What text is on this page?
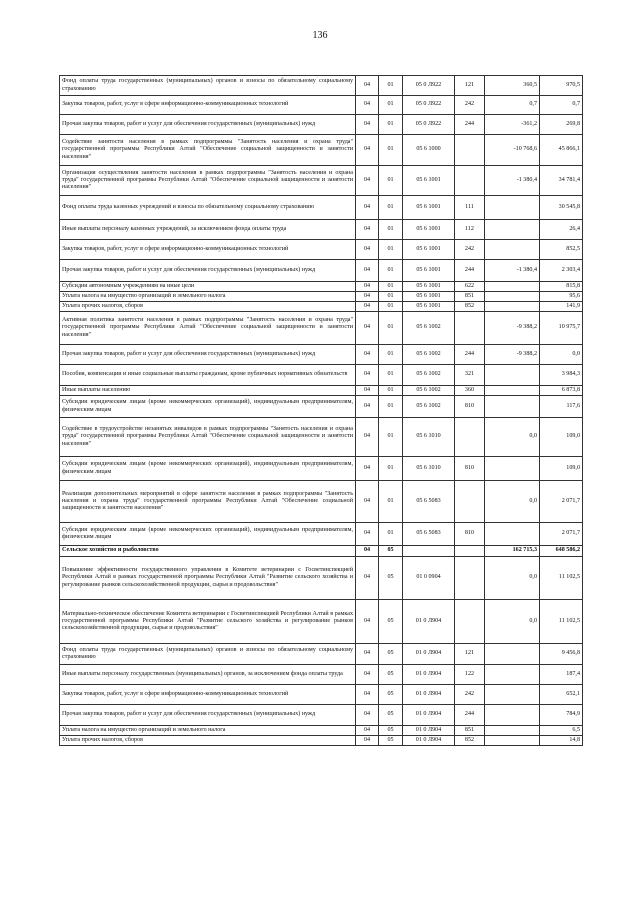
136
Фонд оплаты труда государственных (муниципальных) органов и взносы по обязательному социальному страхованию	04	01	05 0 Л922	121	360,5	970,5
Закупка товаров, работ, услуг в сфере информационно-коммуникационных технологий	04	01	05 0 Л922	242	0,7	0,7
Прочая закупка товаров, работ и услуг для обеспечения государственных (муниципальных) нужд	04	01	05 0 Л922	244	-361,2	269,8
Содействие занятости населения в рамках подпрограммы "Занятость населения и охрана труда" государственной программы Республики Алтай "Обеспечение социальной защищенности и занятости населения"	04	01	05 6 1000		-10 768,6	45 866,1
Организация осуществления занятости населения в рамках подпрограммы "Занятость населения и охрана труда" государственной программы Республики Алтай "Обеспечение социальной защищенности и занятости населения"	04	01	05 6 1001		-1 380,4	34 781,4
Фонд оплаты труда казенных учреждений и взносы по обязательному социальному страхованию	04	01	05 6 1001	111		30 545,8
Иные выплаты персоналу казенных учреждений, за исключением фонда оплаты труда	04	01	05 6 1001	112		26,4
Закупка товаров, работ, услуг в сфере информационно-коммуникационных технологий	04	01	05 6 1001	242		852,5
Прочая закупка товаров, работ и услуг для обеспечения государственных (муниципальных) нужд	04	01	05 6 1001	244	-1 380,4	2 303,4
Субсидии автономным учреждениям на иные цели	04	01	05 6 1001	622		815,8
Уплата налога на имущество организаций и земельного налога	04	01	05 6 1001	851		95,6
Уплата прочих налогов, сборов	04	01	05 6 1001	852		141,9
Активная политика занятости населения в рамках подпрограммы "Занятость населения и охрана труда" государственной программы Республики Алтай "Обеспечение социальной защищенности и занятости населения"	04	01	05 6 1002		-9 388,2	10 975,7
Прочая закупка товаров, работ и услуг для обеспечения государственных (муниципальных) нужд	04	01	05 6 1002	244	-9 388,2	0,0
Пособия, компенсации и иные социальные выплаты гражданам, кроме публичных нормативных обязательств	04	01	05 6 1002	321		3 984,3
Иные выплаты населению	04	01	05 6 1002	360		6 873,8
Субсидии юридическим лицам (кроме некоммерческих организаций), индивидуальным предпринимателям, физическим лицам	04	01	05 6 1002	810		117,6
Содействие в трудоустройстве незанятых инвалидов в рамках подпрограммы "Занятость населения и охрана труда" государственной программы Республики Алтай "Обеспечение социальной защищенности и занятости населения"	04	01	05 6 1010		0,0	109,0
Субсидии юридическим лицам (кроме некоммерческих организаций), индивидуальным предпринимателям, физическим лицам	04	01	05 6 1010	810		109,0
Реализация дополнительных мероприятий в сфере занятости населения в рамках подпрограммы "Занятость населения и охрана труда" государственной программы Республики Алтай "Обеспечение социальной защищенности и занятости населения"	04	01	05 6 5083		0,0	2 071,7
Субсидии юридическим лицам (кроме некоммерческих организаций), индивидуальным предпринимателям, физическим лицам	04	01	05 6 5083	810		2 071,7
Сельское хозяйство и рыболовство	04	05			162 715,3	648 586,2
Повышение эффективности государственного управления в Комитете ветеринарии с Госветинспекцией Республики Алтай в рамках государственной программы Республики Алтай "Развитие сельского хозяйства и регулирование рынков сельскохозяйственной продукции, сырья и продовольствия"	04	05	01 0 0904		0,0	11 102,5
Материально-техническое обеспечение Комитета ветеринарии с Госветинспекцией Республики Алтай в рамках государственной программы Республики Алтай "Развитие сельского хозяйства и регулирование рынков сельскохозяйственной продукции, сырья и продовольствия"	04	05	01 0 Л904		0,0	11 102,5
Фонд оплаты труда государственных (муниципальных) органов и взносы по обязательному социальному страхованию	04	05	01 0 Л904	121		9 456,8
Иные выплаты персоналу государственных (муниципальных) органов, за исключением фонда оплаты труда	04	05	01 0 Л904	122		187,4
Закупка товаров, работ, услуг в сфере информационно-коммуникационных технологий	04	05	01 0 Л904	242		652,1
Прочая закупка товаров, работ и услуг для обеспечения государственных (муниципальных) нужд	04	05	01 0 Л904	244		784,9
Уплата налога на имущество организаций и земельного налога	04	05	01 0 Л904	851		6,5
Уплата прочих налогов, сборов	04	05	01 0 Л904	852		14,8
